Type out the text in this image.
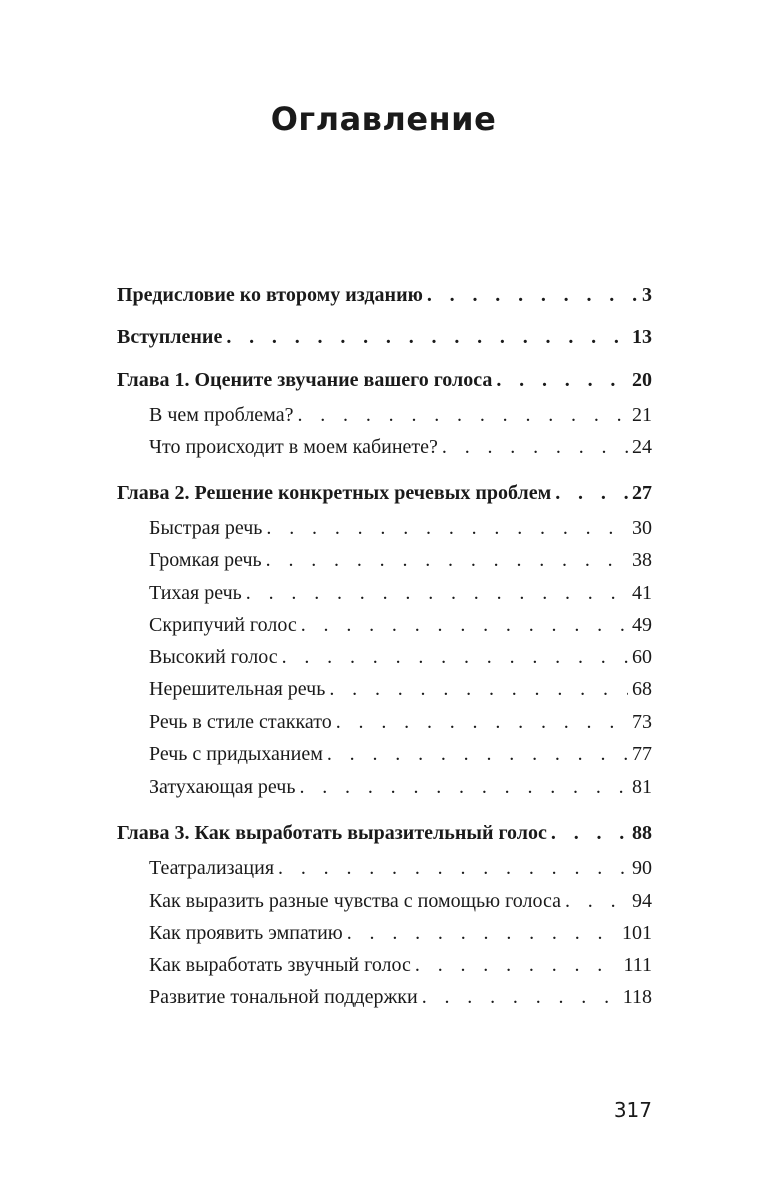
Оглавление
Предисловие ко второму изданию . . .	3
Вступление . . .	13
Глава 1. Оцените звучание вашего голоса . . .	20
В чем проблема? . . .	21
Что происходит в моем кабинете? . . .	24
Глава 2. Решение конкретных речевых проблем . . .	27
Быстрая речь . . .	30
Громкая речь . . .	38
Тихая речь . . .	41
Скрипучий голос . . .	49
Высокий голос . . .	60
Нерешительная речь . . .	68
Речь в стиле стаккато . . .	73
Речь с придыханием . . .	77
Затухающая речь . . .	81
Глава 3. Как выработать выразительный голос . . .	88
Театрализация . . .	90
Как выразить разные чувства с помощью голоса . . .	94
Как проявить эмпатию . . .	101
Как выработать звучный голос . . .	111
Развитие тональной поддержки . . .	118
317
